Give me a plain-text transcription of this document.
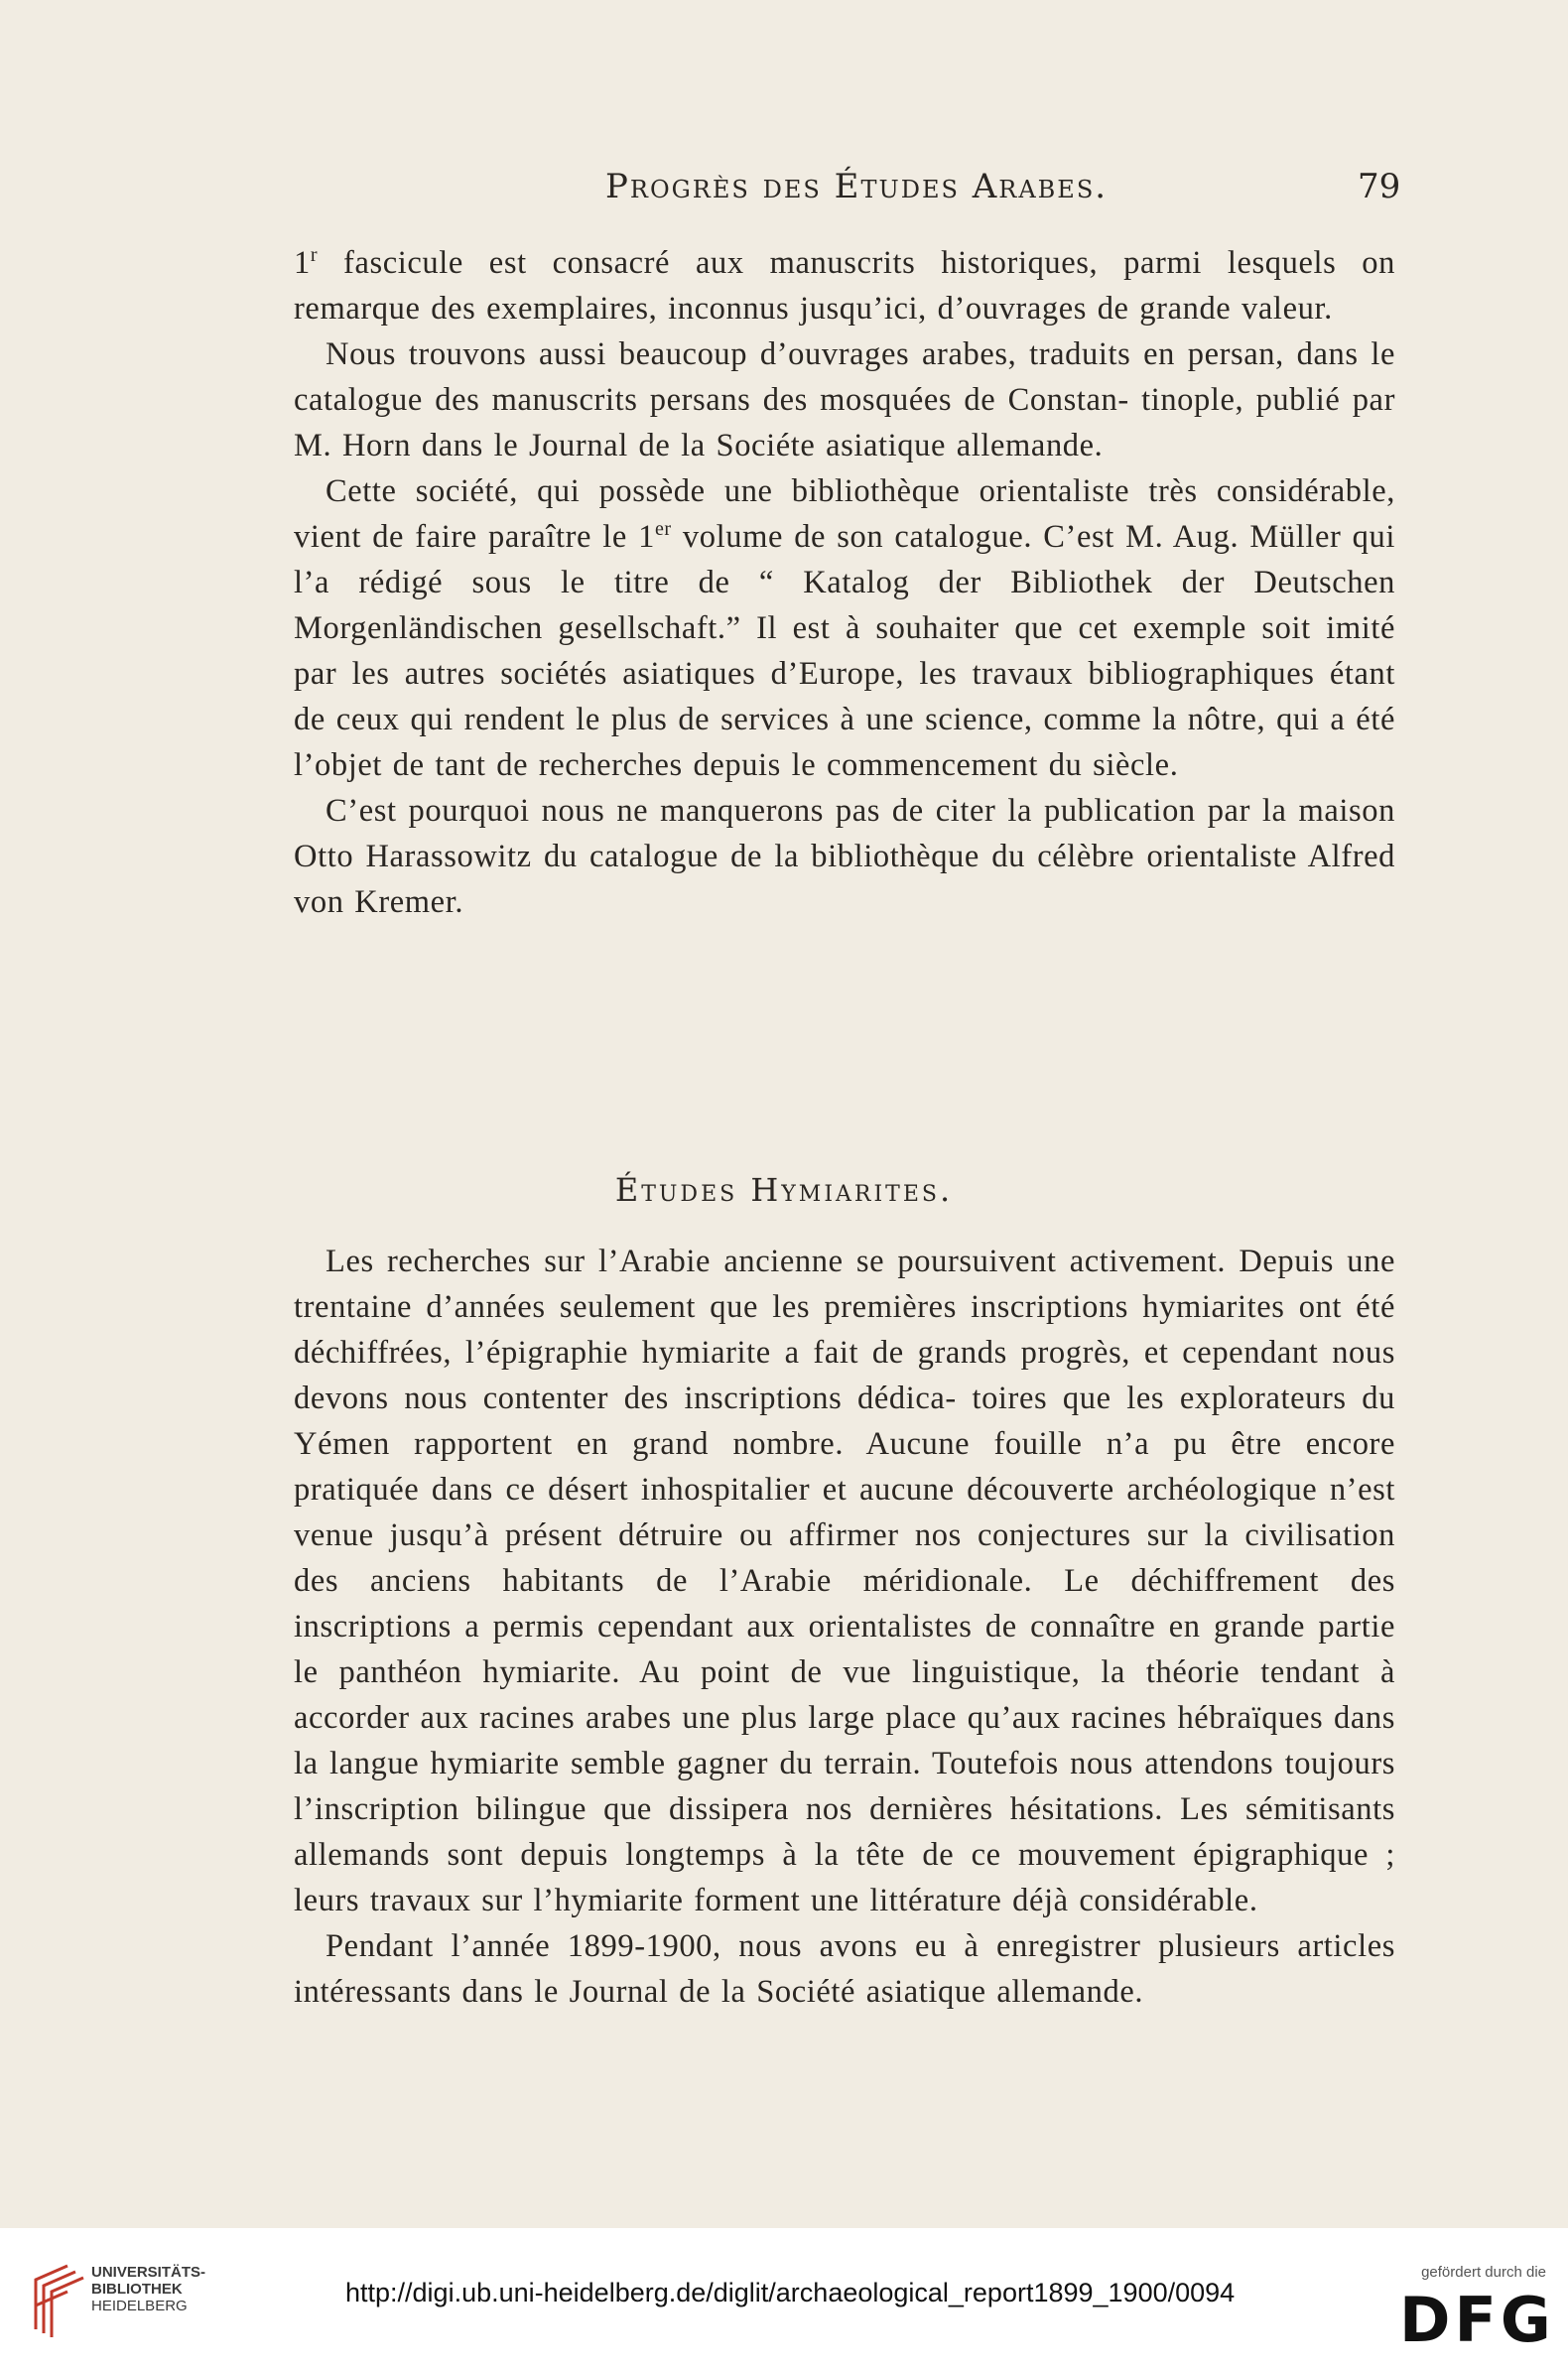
Progrès des Études Arabes.	79

1$^r$ fascicule est consacré aux manuscrits historiques, parmi lesquels on remarque des exemplaires, inconnus jusqu’ici, d’ouvrages de grande valeur.

Nous trouvons aussi beaucoup d’ouvrages arabes, traduits en persan, dans le catalogue des manuscrits persans des mosquées de Constan- tinople, publié par M. Horn dans le Journal de la Sociéte asiatique allemande.

Cette société, qui possède une bibliothèque orientaliste très considérable, vient de faire paraître le 1er volume de son catalogue. C’est M. Aug. Müller qui l’a rédigé sous le titre de “ Katalog der Bibliothek der Deutschen Morgenländischen gesellschaft.” Il est à souhaiter que cet exemple soit imité par les autres sociétés asiatiques d’Europe, les travaux bibliographiques étant de ceux qui rendent le plus de services à une science, comme la nôtre, qui a été l’objet de tant de recherches depuis le commencement du siècle.

C’est pourquoi nous ne manquerons pas de citer la publication par la maison Otto Harassowitz du catalogue de la bibliothèque du célèbre orientaliste Alfred von Kremer.

Études Hymiarites.

Les recherches sur l’Arabie ancienne se poursuivent activement. Depuis une trentaine d’années seulement que les premières inscriptions hymiarites ont été déchiffrées, l’épigraphie hymiarite a fait de grands progrès, et cependant nous devons nous contenter des inscriptions dédica- toires que les explorateurs du Yémen rapportent en grand nombre. Aucune fouille n’a pu être encore pratiquée dans ce désert inhospitalier et aucune découverte archéologique n’est venue jusqu’à présent détruire ou affirmer nos conjectures sur la civilisation des anciens habitants de l’Arabie méridionale. Le déchiffrement des inscriptions a permis cependant aux orientalistes de connaître en grande partie le panthéon hymiarite. Au point de vue linguistique, la théorie tendant à accorder aux racines arabes une plus large place qu’aux racines hébraïques dans la langue hymiarite semble gagner du terrain. Toutefois nous attendons toujours l’inscription bilingue que dissipera nos dernières hésitations. Les sémitisants allemands sont depuis longtemps à la tête de ce mouvement épigraphique ; leurs travaux sur l’hymiarite forment une littérature déjà considérable.

Pendant l’année 1899-1900, nous avons eu à enregistrer plusieurs articles intéressants dans le Journal de la Société asiatique allemande.

UNIVERSITÄTS-
BIBLIOTHEK
HEIDELBERG	http://digi.ub.uni-heidelberg.de/diglit/archaeological_report1899_1900/0094
gefördert durch die
DFG
